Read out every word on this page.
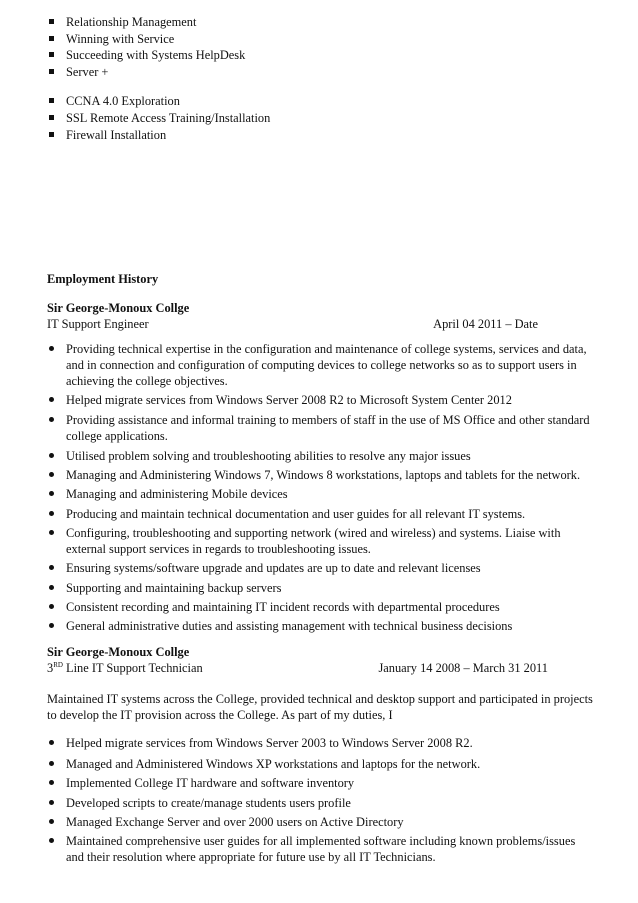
Relationship Management
Winning with Service
Succeeding with Systems HelpDesk
Server +
CCNA 4.0 Exploration
SSL Remote Access Training/Installation
Firewall Installation
Employment History
Sir George-Monoux Collge
IT Support Engineer	April 04 2011 – Date
Providing technical expertise in the configuration and maintenance of college systems, services and data, and in connection and configuration of computing devices to college networks so as to support users in achieving the college objectives.
Helped migrate services from Windows Server 2008 R2 to Microsoft System Center 2012
Providing assistance and informal training to members of staff in the use of MS Office and other standard college applications.
Utilised problem solving and troubleshooting abilities to resolve any major issues
Managing and Administering Windows 7, Windows 8 workstations, laptops and tablets for the network.
Managing and administering Mobile devices
Producing and maintain technical documentation and user guides for all relevant IT systems.
Configuring, troubleshooting and supporting network (wired and wireless) and systems. Liaise with external support services in regards to troubleshooting issues.
Ensuring systems/software upgrade and updates are up to date and relevant licenses
Supporting and maintaining backup servers
Consistent recording and maintaining IT incident records with departmental procedures
General administrative duties and assisting management with technical business decisions
Sir George-Monoux Collge
3RD Line IT Support Technician	January 14 2008 – March 31 2011

Maintained IT systems across the College, provided technical and desktop support and participated in projects to develop the IT provision across the College. As part of my duties, I

Helped migrate services from Windows Server 2003 to Windows Server 2008 R2.
Managed and Administered Windows XP workstations and laptops for the network.
Implemented College IT hardware and software inventory
Developed scripts to create/manage students users profile
Managed Exchange Server and over 2000 users on Active Directory
Maintained comprehensive user guides for all implemented software including known problems/issues and their resolution where appropriate for future use by all IT Technicians.
